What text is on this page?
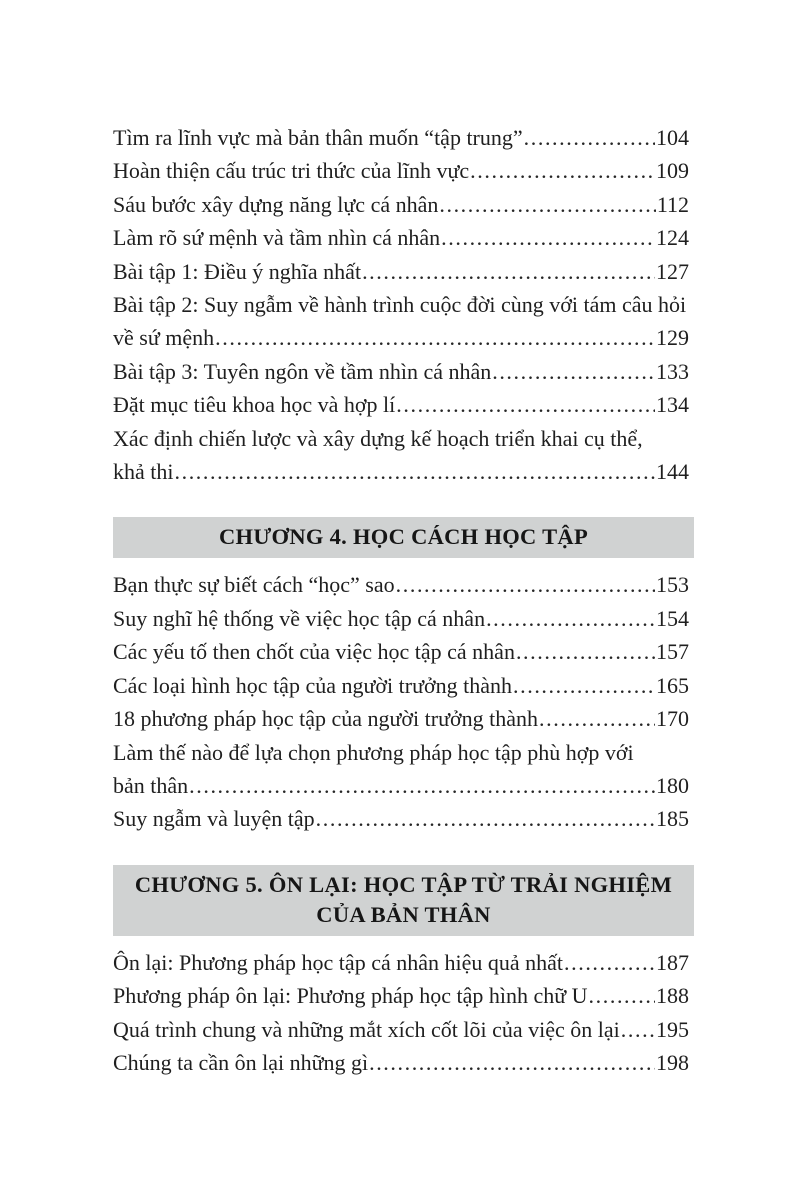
Tìm ra lĩnh vực mà bản thân muốn “tập trung” .....	104
Hoàn thiện cấu trúc tri thức của lĩnh vực .....	109
Sáu bước xây dựng năng lực cá nhân .....	112
Làm rõ sứ mệnh và tầm nhìn cá nhân .....	124
Bài tập 1: Điều ý nghĩa nhất .....	127
Bài tập 2: Suy ngẫm về hành trình cuộc đời cùng với tám câu hỏi
về sứ mệnh .....	129
Bài tập 3: Tuyên ngôn về tầm nhìn cá nhân .....	133
Đặt mục tiêu khoa học và hợp lí .....	134
Xác định chiến lược và xây dựng kế hoạch triển khai cụ thể,
khả thi .....	144
CHƯƠNG 4. HỌC CÁCH HỌC TẬP
Bạn thực sự biết cách “học” sao .....	153
Suy nghĩ hệ thống về việc học tập cá nhân .....	154
Các yếu tố then chốt của việc học tập cá nhân .....	157
Các loại hình học tập của người trưởng thành .....	165
18 phương pháp học tập của người trưởng thành .....	170
Làm thế nào để lựa chọn phương pháp học tập phù hợp với
bản thân .....	180
Suy ngẫm và luyện tập .....	185
CHƯƠNG 5. ÔN LẠI: HỌC TẬP TỪ TRẢI NGHIỆM
CỦA BẢN THÂN
Ôn lại: Phương pháp học tập cá nhân hiệu quả nhất .....	187
Phương pháp ôn lại: Phương pháp học tập hình chữ U .....	188
Quá trình chung và những mắt xích cốt lõi của việc ôn lại ..... 195
Chúng ta cần ôn lại những gì .....	198
